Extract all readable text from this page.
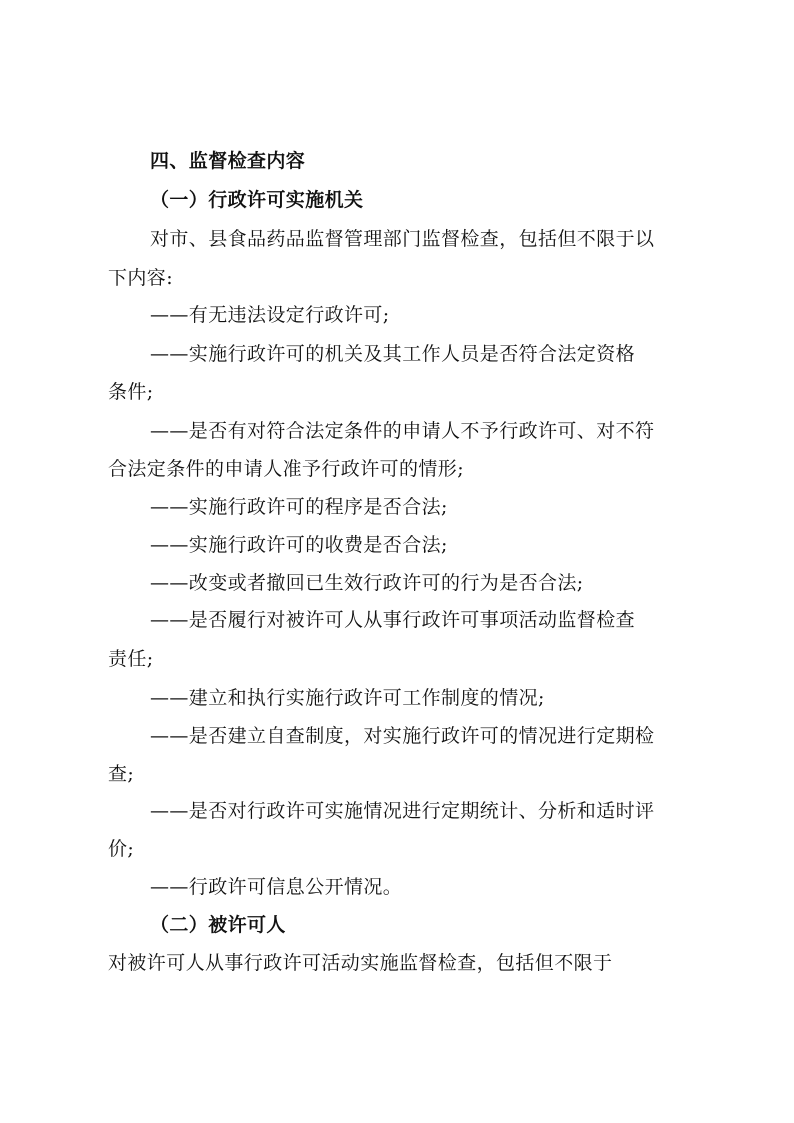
四、监督检查内容

（一）行政许可实施机关

对市、县食品药品监督管理部门监督检查，包括但不限于以

下内容:

——有无违法设定行政许可;

——实施行政许可的机关及其工作人员是否符合法定资格

条件;

——是否有对符合法定条件的申请人不予行政许可、对不符

合法定条件的申请人准予行政许可的情形;

——实施行政许可的程序是否合法;

——实施行政许可的收费是否合法;

——改变或者撤回已生效行政许可的行为是否合法;

——是否履行对被许可人从事行政许可事项活动监督检查

责任;

——建立和执行实施行政许可工作制度的情况;

——是否建立自查制度，对实施行政许可的情况进行定期检

查;

——是否对行政许可实施情况进行定期统计、分析和适时评

价;

——行政许可信息公开情况。

（二）被许可人

对被许可人从事行政许可活动实施监督检查，包括但不限于
